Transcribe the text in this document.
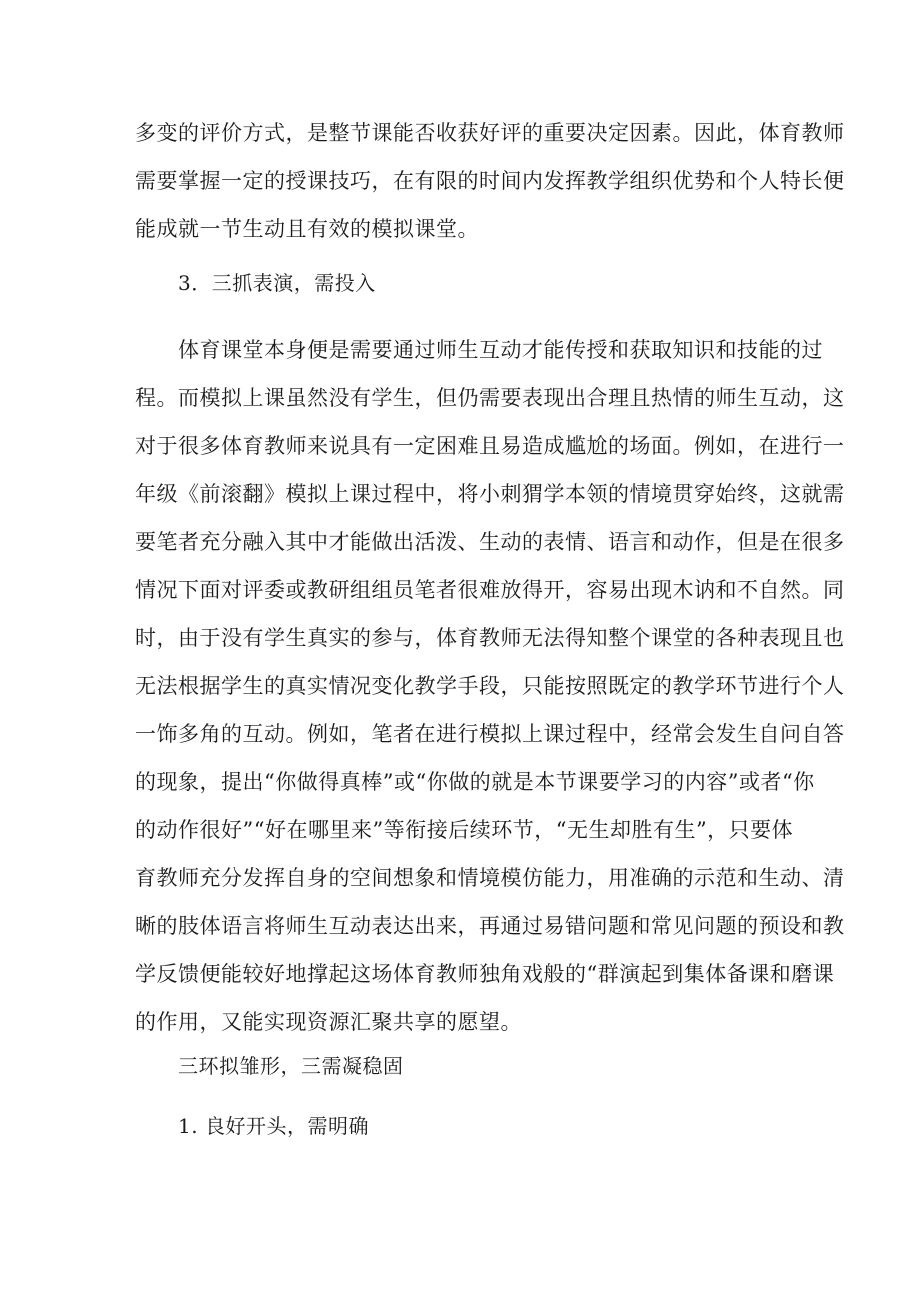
多变的评价方式，是整节课能否收获好评的重要决定因素。因此，体育教师
需要掌握一定的授课技巧，在有限的时间内发挥教学组织优势和个人特长便
能成就一节生动且有效的模拟课堂。
3．三抓表演，需投入
体育课堂本身便是需要通过师生互动才能传授和获取知识和技能的过
程。而模拟上课虽然没有学生，但仍需要表现出合理且热情的师生互动，这
对于很多体育教师来说具有一定困难且易造成尴尬的场面。例如，在进行一
年级《前滚翻》模拟上课过程中，将小刺猬学本领的情境贯穿始终，这就需
要笔者充分融入其中才能做出活泼、生动的表情、语言和动作，但是在很多
情况下面对评委或教研组组员笔者很难放得开，容易出现木讷和不自然。同
时，由于没有学生真实的参与，体育教师无法得知整个课堂的各种表现且也
无法根据学生的真实情况变化教学手段，只能按照既定的教学环节进行个人
一饰多角的互动。例如，笔者在进行模拟上课过程中，经常会发生自问自答
的现象，提出“你做得真棒”或“你做的就是本节课要学习的内容”或者“你
的动作很好”“好在哪里来”等衔接后续环节，“无生却胜有生”，只要体
育教师充分发挥自身的空间想象和情境模仿能力，用准确的示范和生动、清
晰的肢体语言将师生互动表达出来，再通过易错问题和常见问题的预设和教
学反馈便能较好地撑起这场体育教师独角戏般的“群演起到集体备课和磨课
的作用，又能实现资源汇聚共享的愿望。
三环拟雏形，三需凝稳固
1. 良好开头，需明确
